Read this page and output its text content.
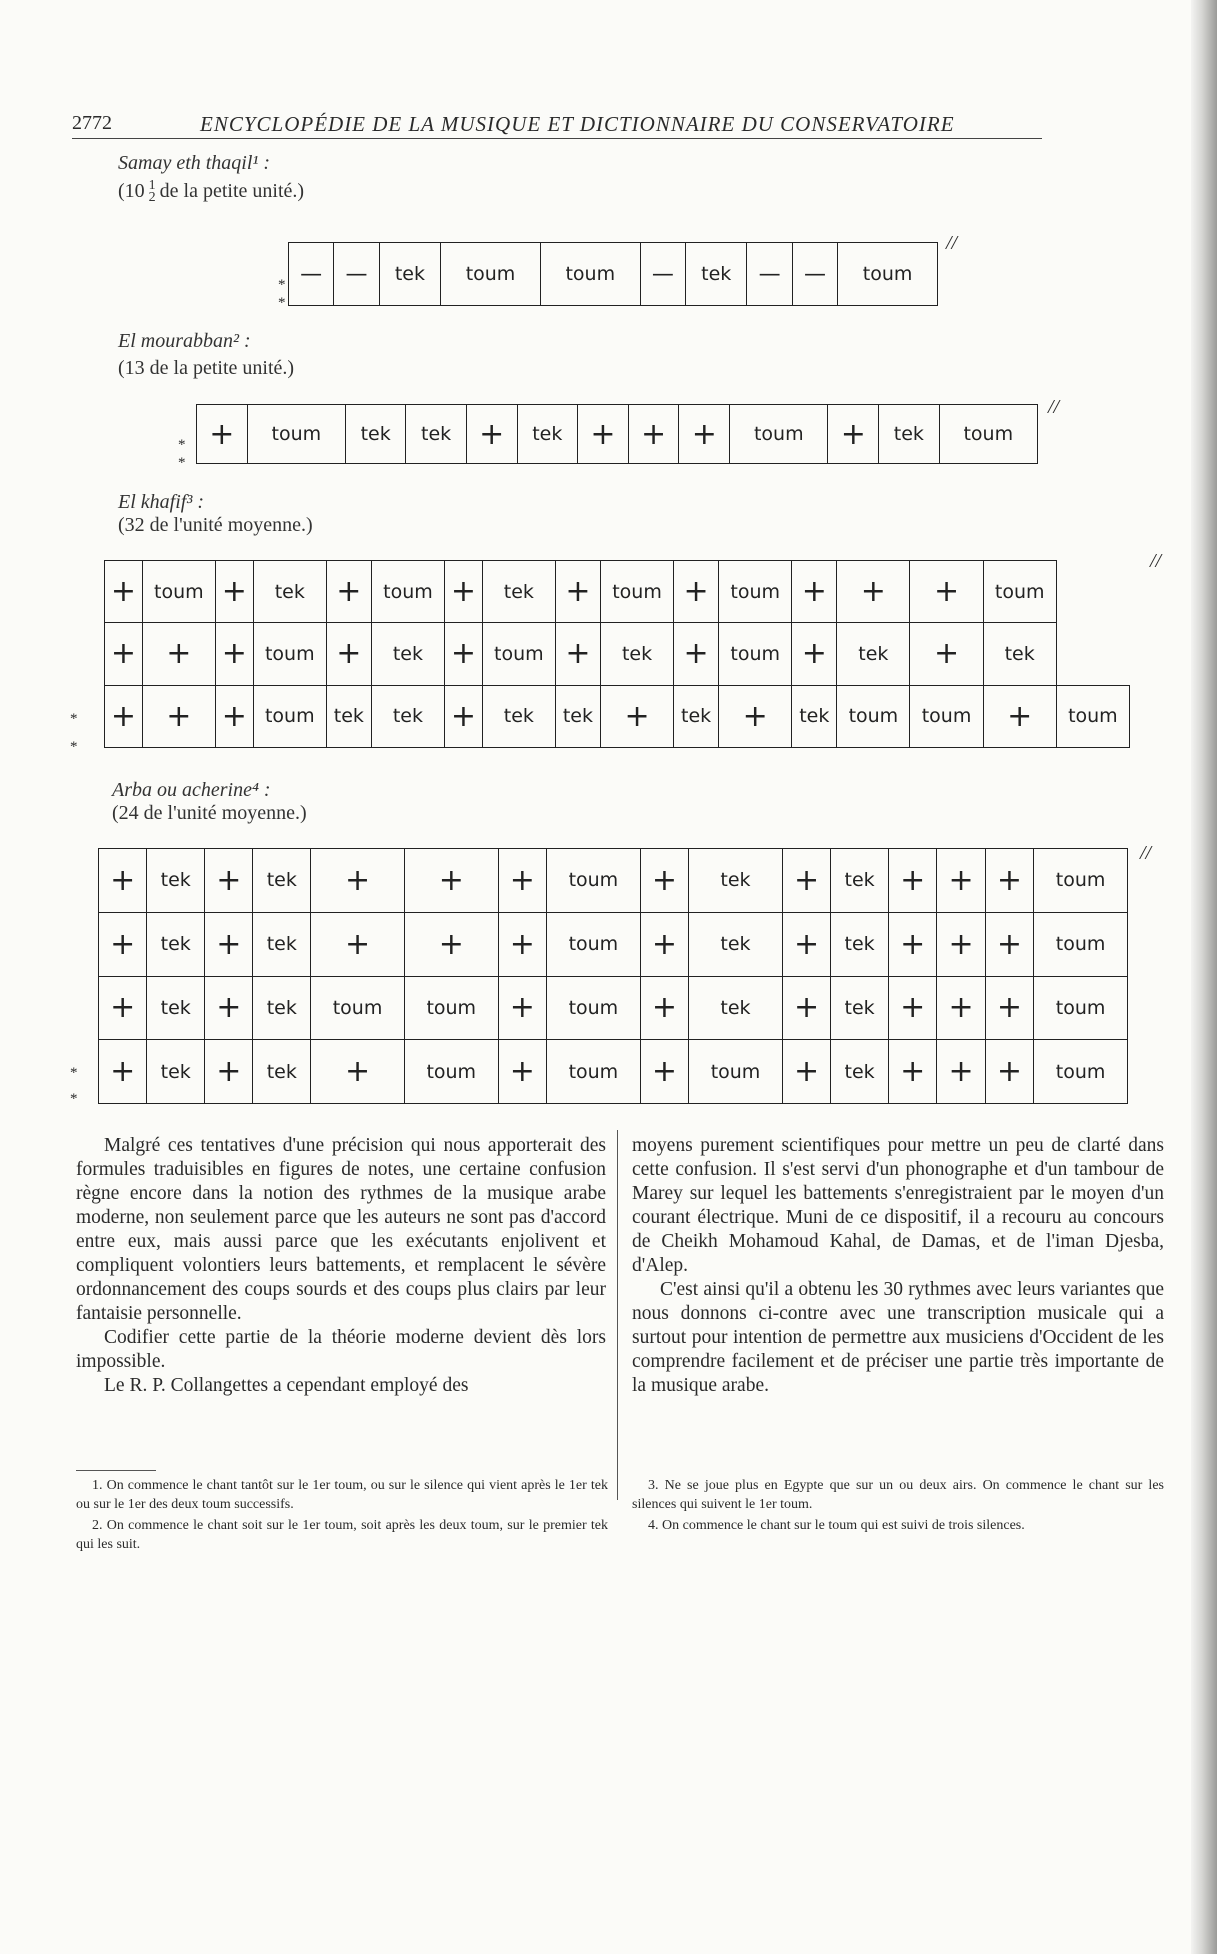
2772	ENCYCLOPÉDIE DE LA MUSIQUE ET DICTIONNAIRE DU CONSERVATOIRE
Samay eth thaqil¹ :
(10 1
2 de la petite unité.)
—	—	tek	toum	toum	—	tek	—	—	toum
//
*
*
El mourabban² :
(13 de la petite unité.)
+	toum	tek	tek	+	tek	+	+	+	toum	+	tek	toum
//
*
*
El khafif³ :
(32 de l'unité moyenne.)
+	toum	+	tek	+	toum	+	tek	+	toum	+	toum	+	+	+	toum	
+	+	+	toum	+	tek	+	toum	+	tek	+	toum	+	tek	+	tek	
+	+	+	toum	tek	tek	+	tek	tek	+	tek	+	tek	toum	toum	+	toum
//
*
*
Arba ou acherine⁴ :
(24 de l'unité moyenne.)
+	tek	+	tek	+	+	+	toum	+	tek	+	tek	+	+	+	toum
+	tek	+	tek	+	+	+	toum	+	tek	+	tek	+	+	+	toum
+	tek	+	tek	toum	toum	+	toum	+	tek	+	tek	+	+	+	toum
+	tek	+	tek	+	toum	+	toum	+	toum	+	tek	+	+	+	toum
//
*
*

Malgré ces tentatives d'une précision qui nous apporterait des formules traduisibles en figures de notes, une certaine confusion règne encore dans la notion des rythmes de la musique arabe moderne, non seulement parce que les auteurs ne sont pas d'accord entre eux, mais aussi parce que les exécutants enjolivent et compliquent volontiers leurs battements, et remplacent le sévère ordonnancement des coups sourds et des coups plus clairs par leur fantaisie personnelle.

Codifier cette partie de la théorie moderne devient dès lors impossible.

Le R. P. Collangettes a cependant employé des

moyens purement scientifiques pour mettre un peu de clarté dans cette confusion. Il s'est servi d'un phonographe et d'un tambour de Marey sur lequel les battements s'enregistraient par le moyen d'un courant électrique. Muni de ce dispositif, il a recouru au concours de Cheikh Mohamoud Kahal, de Damas, et de l'iman Djesba, d'Alep.

C'est ainsi qu'il a obtenu les 30 rythmes avec leurs variantes que nous donnons ci-contre avec une transcription musicale qui a surtout pour intention de permettre aux musiciens d'Occident de les comprendre facilement et de préciser une partie très importante de la musique arabe.

1. On commence le chant tantôt sur le 1er toum, ou sur le silence qui vient après le 1er tek ou sur le 1er des deux toum successifs.

2. On commence le chant soit sur le 1er toum, soit après les deux toum, sur le premier tek qui les suit.

3. Ne se joue plus en Egypte que sur un ou deux airs. On commence le chant sur les silences qui suivent le 1er toum.

4. On commence le chant sur le toum qui est suivi de trois silences.
